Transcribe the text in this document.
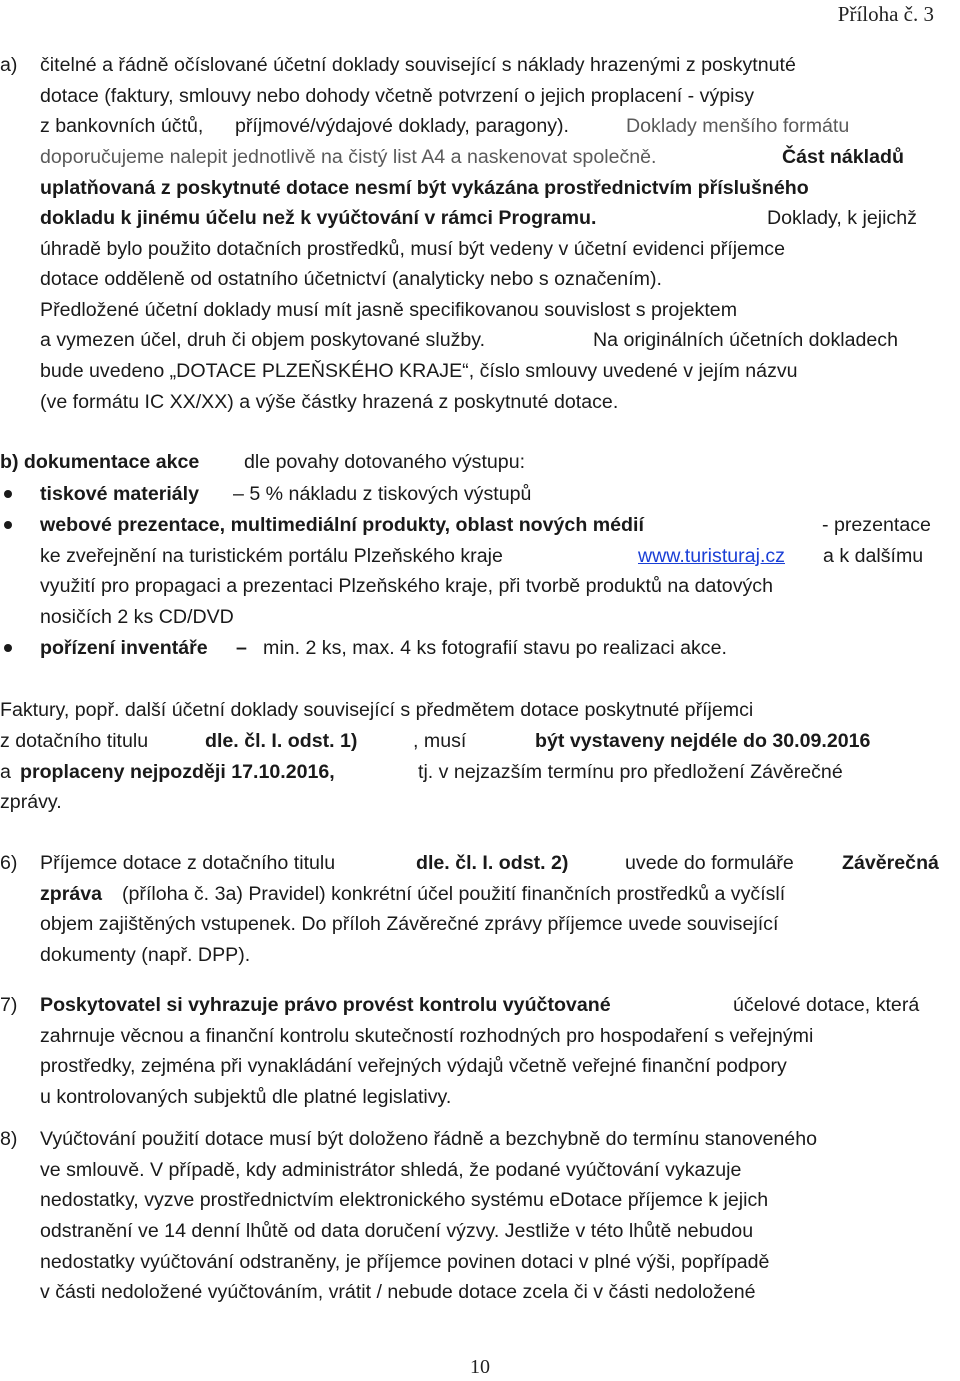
Příloha č. 3
a) čitelné a řádně očíslované účetní doklady související s náklady hrazenými z poskytnuté
dotace (faktury, smlouvy nebo dohody včetně potvrzení o jejich proplacení - výpisy
z bankovních účtů, příjmové/výdajové doklady, paragony).	Doklady menšího formátu
doporučujeme nalepit jednotlivě na čistý list A4 a naskenovat společně.	Část nákladů
uplatňovaná z poskytnuté dotace nesmí být vykázána prostřednictvím příslušného
dokladu k jinému účelu než k vyúčtování v rámci Programu.	Doklady, k jejichž
úhradě bylo použito dotačních prostředků, musí být vedeny v účetní evidenci příjemce
dotace odděleně od ostatního účetnictví (analyticky nebo s označením).
Předložené účetní doklady musí mít jasně specifikovanou souvislost s projektem
a vymezen účel, druh či objem poskytované služby.	Na originálních účetních dokladech
bude uvedeno „DOTACE PLZEŇSKÉHO KRAJE“, číslo smlouvy uvedené v jejím názvu
(ve formátu IC XX/XX) a výše částky hrazená z poskytnuté dotace.
b) dokumentace akce dle povahy dotovaného výstupu:
tiskové materiály – 5 % nákladu z tiskových výstupů
webové prezentace, multimediální produkty, oblast nových médií	- prezentace
ke zveřejnění na turistickém portálu Plzeňského kraje	www.turisturaj.cz a k dalšímu
využití pro propagaci a prezentaci Plzeňského kraje, při tvorbě produktů na datových
nosičích 2 ks CD/DVD
pořízení inventáře – min. 2 ks, max. 4 ks fotografií stavu po realizaci akce.
Faktury, popř. další účetní doklady související s předmětem dotace poskytnuté příjemci
z dotačního titulu	dle. čl. I. odst. 1)	, musí	být vystaveny nejdéle do 30.09.2016
a proplaceny nejpozději 17.10.2016,	tj. v nejzazším termínu pro předložení Závěrečné
zprávy.
6) Příjemce dotace z dotačního titulu	dle. čl. I. odst. 2)	uvede do formuláře Závěrečná
zpráva (příloha č. 3a) Pravidel) konkrétní účel použití finančních prostředků a vyčíslí
objem zajištěných vstupenek. Do příloh Závěrečné zprávy příjemce uvede související
dokumenty (např. DPP).
7) Poskytovatel si vyhrazuje právo provést kontrolu vyúčtované	účelové dotace, která
zahrnuje věcnou a finanční kontrolu skutečností rozhodných pro hospodaření s veřejnými
prostředky, zejména při vynakládání veřejných výdajů včetně veřejné finanční podpory
u kontrolovaných subjektů dle platné legislativy.
8) Vyúčtování použití dotace musí být doloženo řádně a bezchybně do termínu stanoveného
ve smlouvě. V případě, kdy administrátor shledá, že podané vyúčtování vykazuje
nedostatky, vyzve prostřednictvím elektronického systému eDotace příjemce k jejich
odstranění ve 14 denní lhůtě od data doručení výzvy. Jestliže v této lhůtě nebudou
nedostatky vyúčtování odstraněny, je příjemce povinen dotaci v plné výši, popřípadě
v části nedoložené vyúčtováním, vrátit / nebude dotace zcela či v části nedoložené
10
